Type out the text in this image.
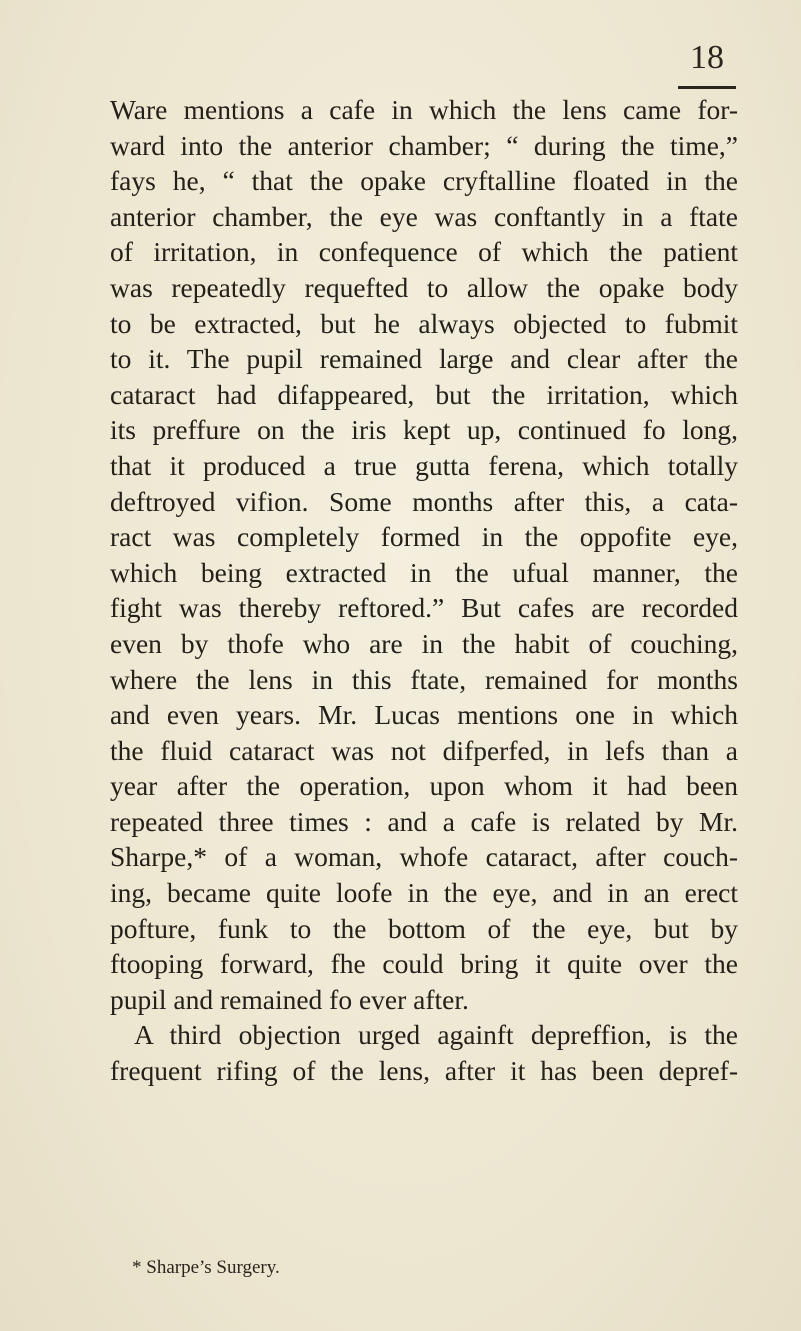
18

Ware mentions a cafe in which the lens came for-
ward into the anterior chamber; “ during the time,”
fays he, “ that the opake cryftalline floated in the
anterior chamber, the eye was conftantly in a ftate
of irritation, in confequence of which the patient
was repeatedly requefted to allow the opake body
to be extracted, but he always objected to fubmit
to it. The pupil remained large and clear after the
cataract had difappeared, but the irritation, which
its preffure on the iris kept up, continued fo long,
that it produced a true gutta ferena, which totally
deftroyed vifion. Some months after this, a cata-
ract was completely formed in the oppofite eye,
which being extracted in the ufual manner, the
fight was thereby reftored.” But cafes are recorded
even by thofe who are in the habit of couching,
where the lens in this ftate, remained for months
and even years. Mr. Lucas mentions one in which
the fluid cataract was not difperfed, in lefs than a
year after the operation, upon whom it had been
repeated three times : and a cafe is related by Mr.
Sharpe,* of a woman, whofe cataract, after couch-
ing, became quite loofe in the eye, and in an erect
pofture, funk to the bottom of the eye, but by
ftooping forward, fhe could bring it quite over the
pupil and remained fo ever after.
A third objection urged againft depreffion, is the
frequent rifing of the lens, after it has been depref-
* Sharpe’s Surgery.
